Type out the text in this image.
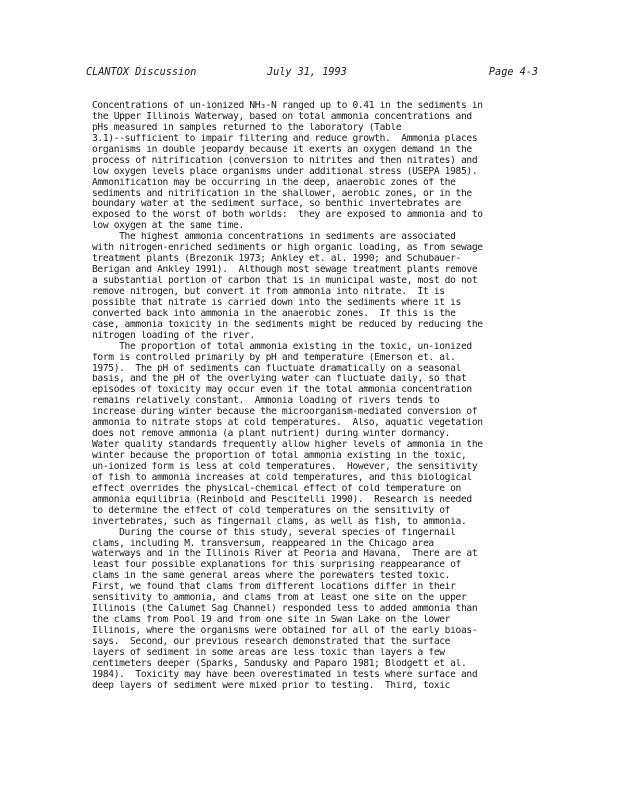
CLANTOX Discussion	July 31, 1993	Page 4-3
Concentrations of un-ionized NH₃-N ranged up to 0.41 in the sediments in
the Upper Illinois Waterway, based on total ammonia concentrations and
pHs measured in samples returned to the laboratory (Table
3.1)--sufficient to impair filtering and reduce growth.  Ammonia places
organisms in double jeopardy because it exerts an oxygen demand in the
process of nitrification (conversion to nitrites and then nitrates) and
low oxygen levels place organisms under additional stress (USEPA 1985).
Ammonification may be occurring in the deep, anaerobic zones of the
sediments and nitrification in the shallower, aerobic zones, or in the
boundary water at the sediment surface, so benthic invertebrates are
exposed to the worst of both worlds:  they are exposed to ammonia and to
low oxygen at the same time.
The highest ammonia concentrations in sediments are associated
with nitrogen-enriched sediments or high organic loading, as from sewage
treatment plants (Brezonik 1973; Ankley et. al. 1990; and Schubauer-
Berigan and Ankley 1991).  Although most sewage treatment plants remove
a substantial portion of carbon that is in municipal waste, most do not
remove nitrogen, but convert it from ammonia into nitrate.  It is
possible that nitrate is carried down into the sediments where it is
converted back into ammonia in the anaerobic zones.  If this is the
case, ammonia toxicity in the sediments might be reduced by reducing the
nitrogen loading of the river.
The proportion of total ammonia existing in the toxic, un-ionized
form is controlled primarily by pH and temperature (Emerson et. al.
1975).  The pH of sediments can fluctuate dramatically on a seasonal
basis, and the pH of the overlying water can fluctuate daily, so that
episodes of toxicity may occur even if the total ammonia concentration
remains relatively constant.  Ammonia loading of rivers tends to
increase during winter because the microorganism-mediated conversion of
ammonia to nitrate stops at cold temperatures.  Also, aquatic vegetation
does not remove ammonia (a plant nutrient) during winter dormancy.
Water quality standards frequently allow higher levels of ammonia in the
winter because the proportion of total ammonia existing in the toxic,
un-ionized form is less at cold temperatures.  However, the sensitivity
of fish to ammonia increases at cold temperatures, and this biological
effect overrides the physical-chemical effect of cold temperature on
ammonia equilibria (Reinbold and Pescitelli 1990).  Research is needed
to determine the effect of cold temperatures on the sensitivity of
invertebrates, such as fingernail clams, as well as fish, to ammonia.
During the course of this study, several species of fingernail
clams, including M. transversum, reappeared in the Chicago area
waterways and in the Illinois River at Peoria and Havana.  There are at
least four possible explanations for this surprising reappearance of
clams in the same general areas where the porewaters tested toxic.
First, we found that clams from different locations differ in their
sensitivity to ammonia, and clams from at least one site on the upper
Illinois (the Calumet Sag Channel) responded less to added ammonia than
the clams from Pool 19 and from one site in Swan Lake on the lower
Illinois, where the organisms were obtained for all of the early bioas-
says.  Second, our previous research demonstrated that the surface
layers of sediment in some areas are less toxic than layers a few
centimeters deeper (Sparks, Sandusky and Paparo 1981; Blodgett et al.
1984).  Toxicity may have been overestimated in tests where surface and
deep layers of sediment were mixed prior to testing.  Third, toxic
